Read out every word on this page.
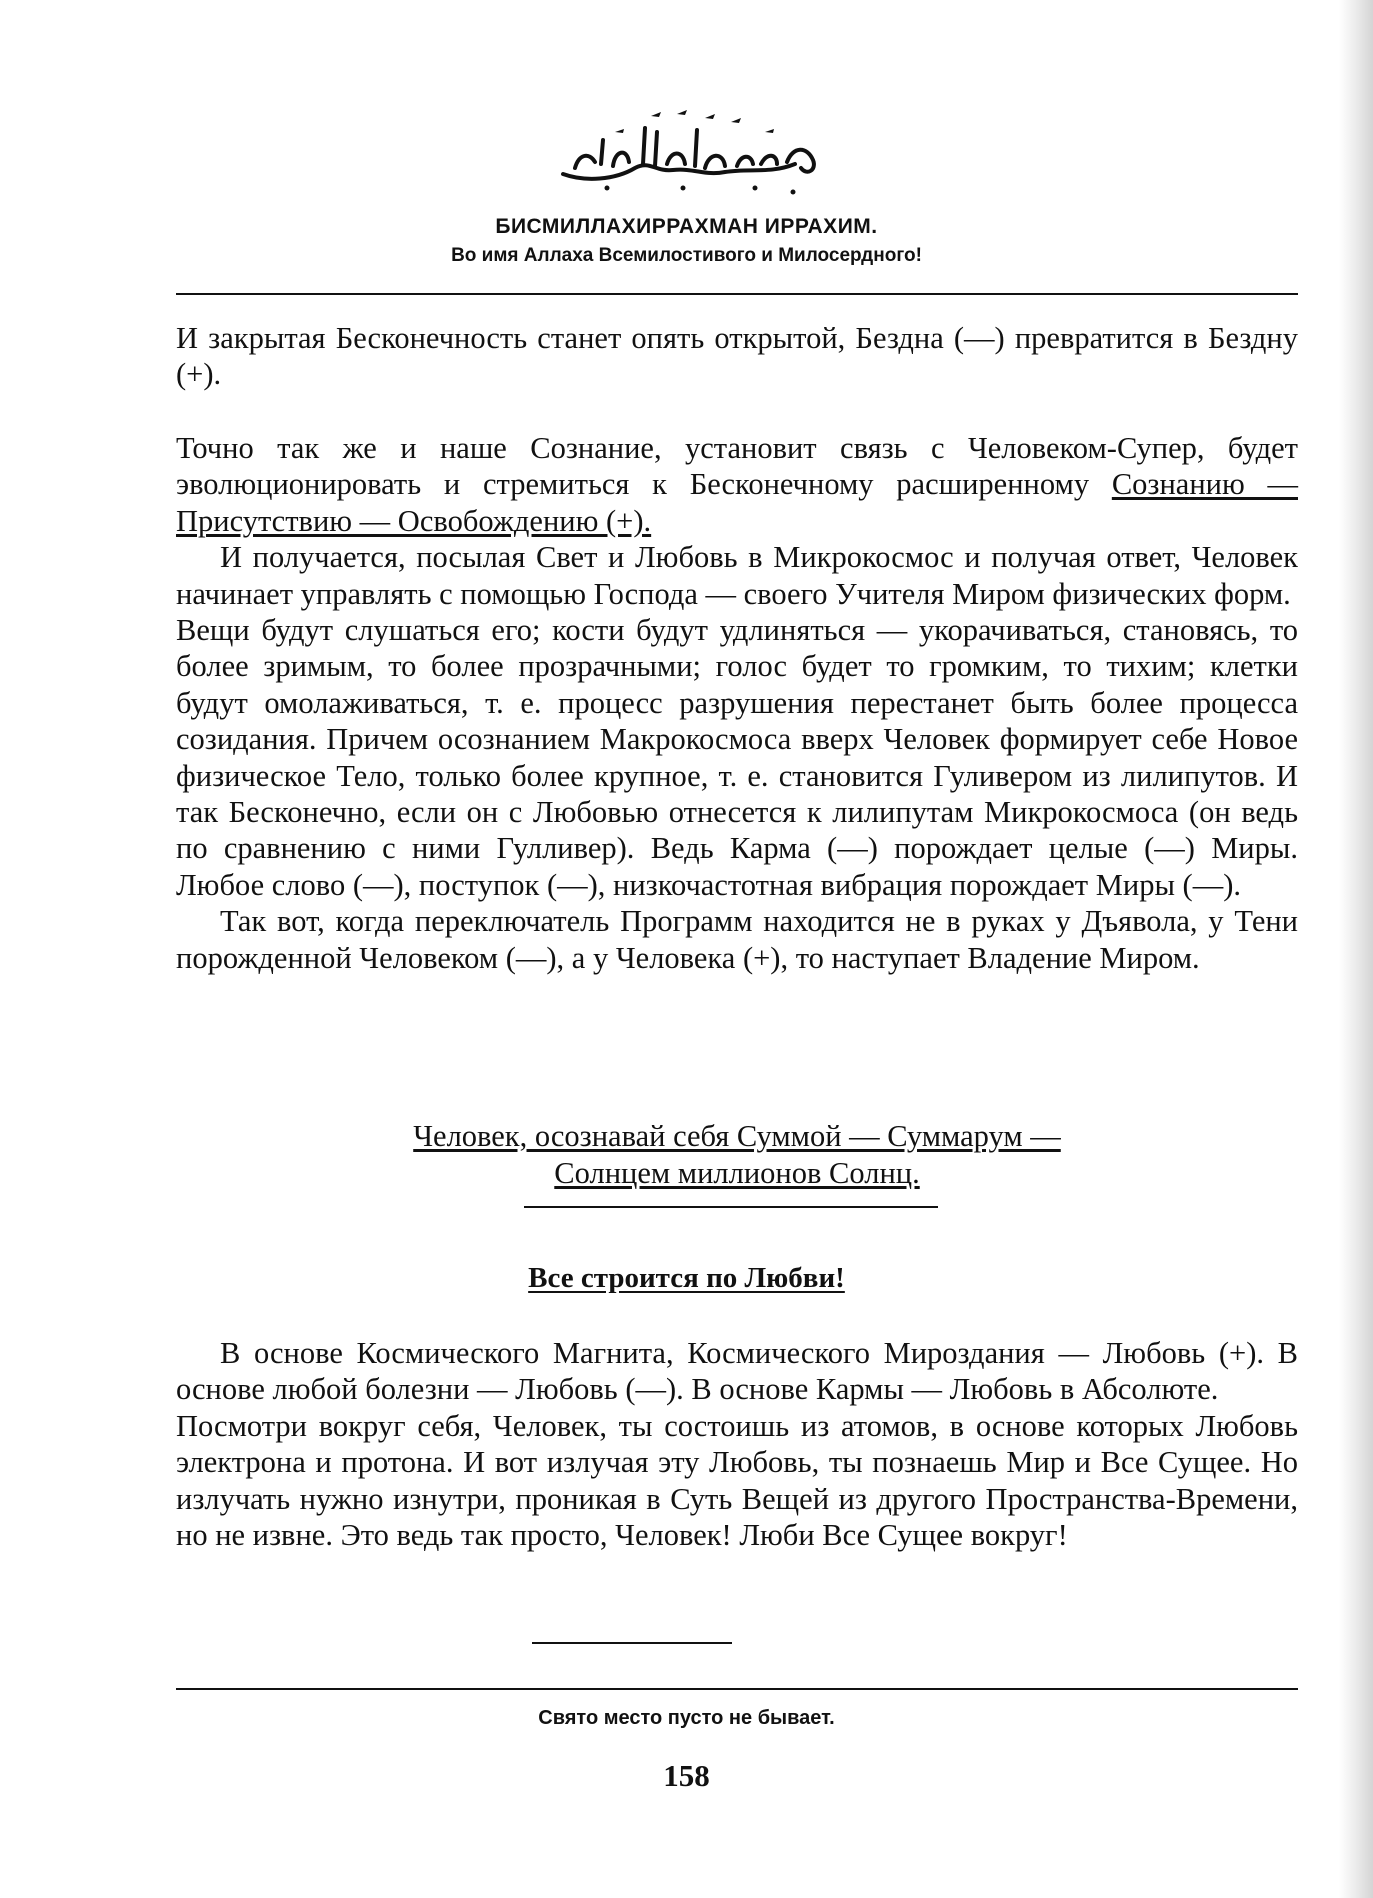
БИСМИЛЛАХИРРАХМАН ИРРАХИМ.
Во имя Аллаха Всемилостивого и Милосердного!

И закрытая Бесконечность станет опять открытой, Бездна (—) превратится в Бездну (+).

Точно так же и наше Сознание, установит связь с Человеком-Супер, будет эволюционировать и стремиться к Бесконечному расширенному Сознанию — Присутствию — Освобождению (+).

И получается, посылая Свет и Любовь в Микрокосмос и получая ответ, Человек начинает управлять с помощью Господа — своего Учителя Миром физических форм.

Вещи будут слушаться его; кости будут удлиняться — укорачиваться, становясь, то более зримым, то более прозрачными; голос будет то громким, то тихим; клетки будут омолаживаться, т. е. процесс разрушения перестанет быть более процесса созидания. Причем осознанием Макрокосмоса вверх Человек формирует себе Новое физическое Тело, только более крупное, т. е. становится Гуливером из лилипутов. И так Бесконечно, если он с Любовью отнесется к лилипутам Микрокосмоса (он ведь по сравнению с ними Гулливер). Ведь Карма (—) порождает целые (—) Миры. Любое слово (—), поступок (—), низкочастотная вибрация порождает Миры (—).

Так вот, когда переключатель Программ находится не в руках у Дъявола, у Тени порожденной Человеком (—), а у Человека (+), то наступает Владение Миром.

Человек, осознавай себя Суммой — Суммарум —
Солнцем миллионов Солнц.
Все строится по Любви!

В основе Космического Магнита, Космического Мироздания — Любовь (+). В основе любой болезни — Любовь (—). В основе Кармы — Любовь в Абсолюте.

Посмотри вокруг себя, Человек, ты состоишь из атомов, в основе которых Любовь электрона и протона. И вот излучая эту Любовь, ты познаешь Мир и Все Сущее. Но излучать нужно изнутри, проникая в Суть Вещей из другого Пространства-Времени, но не извне. Это ведь так просто, Человек! Люби Все Сущее вокруг!

Свято место пусто не бывает.
158
